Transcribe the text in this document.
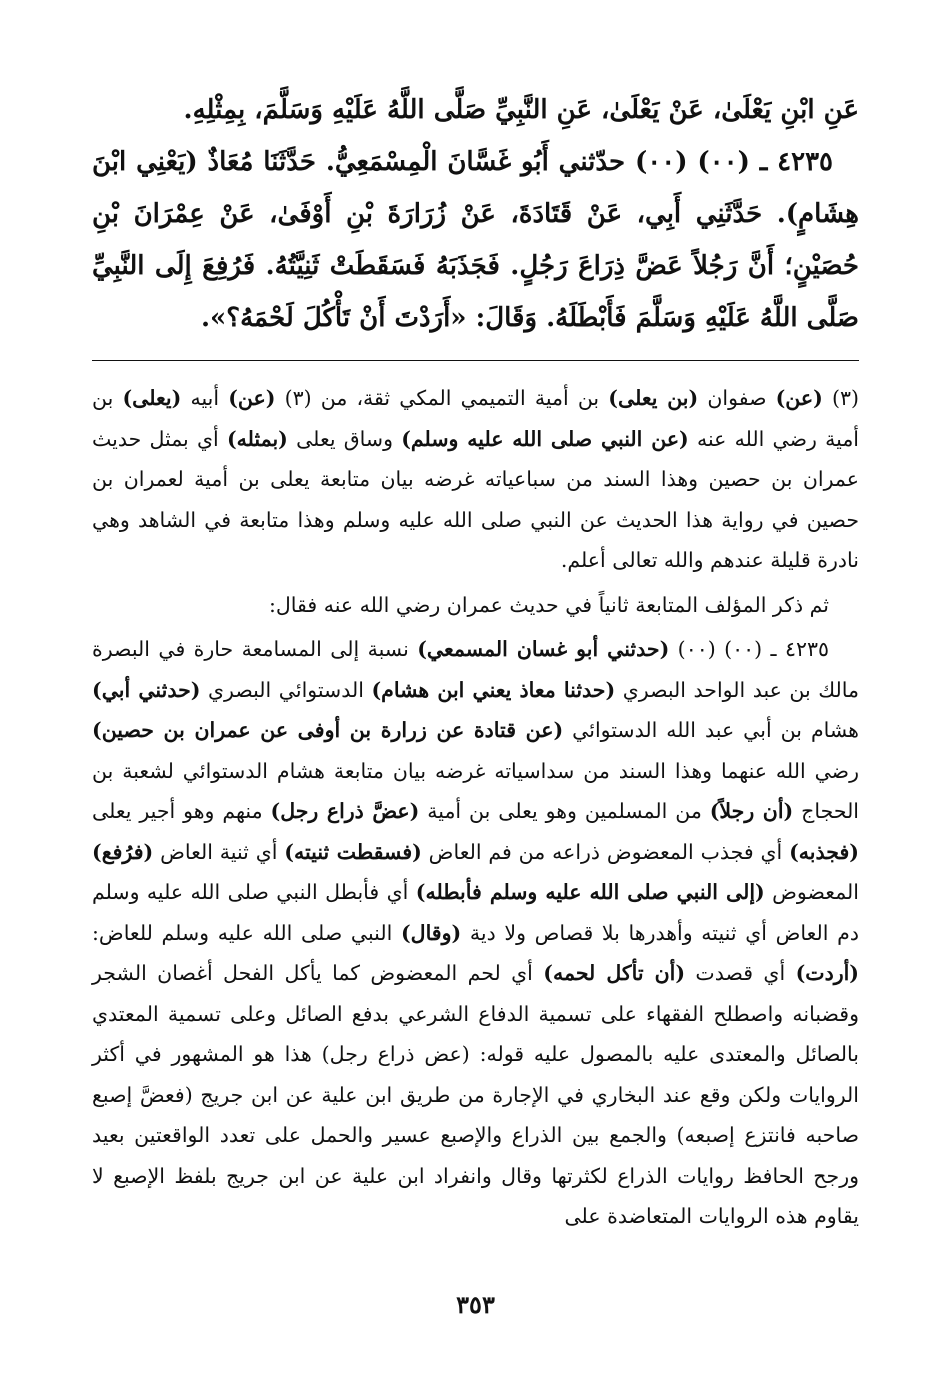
عَنِ ابْنِ يَعْلَىٰ، عَنْ يَعْلَىٰ، عَنِ النَّبِيِّ صَلَّى اللَّهُ عَلَيْهِ وَسَلَّمَ، بِمِثْلِهِ.

٤٢٣٥ ـ (٠٠) (٠٠) حدّثني أَبُو غَسَّانَ الْمِسْمَعِيُّ. حَدَّثَنَا مُعَاذٌ (يَعْنِي ابْنَ هِشَامٍ). حَدَّثَنِي أَبِي، عَنْ قَتَادَةَ، عَنْ زُرَارَةَ بْنِ أَوْفَىٰ، عَنْ عِمْرَانَ بْنِ حُصَيْنٍ؛ أَنَّ رَجُلاً عَضَّ ذِرَاعَ رَجُلٍ. فَجَذَبَهُ فَسَقَطَتْ ثَنِيَّتُهُ. فَرُفِعَ إِلَى النَّبِيِّ صَلَّى اللَّهُ عَلَيْهِ وَسَلَّمَ فَأَبْطَلَهُ. وَقَالَ: «أَرَدْتَ أَنْ تَأْكُلَ لَحْمَهُ؟».

(٣) (عن) صفوان (بن يعلى) بن أمية التميمي المكي ثقة، من (٣) (عن) أبيه (يعلى) بن أمية رضي الله عنه (عن النبي صلى الله عليه وسلم) وساق يعلى (بمثله) أي بمثل حديث عمران بن حصين وهذا السند من سباعياته غرضه بيان متابعة يعلى بن أمية لعمران بن حصين في رواية هذا الحديث عن النبي صلى الله عليه وسلم وهذا متابعة في الشاهد وهي نادرة قليلة عندهم والله تعالى أعلم.

ثم ذكر المؤلف المتابعة ثانياً في حديث عمران رضي الله عنه فقال:

٤٢٣٥ ـ (٠٠) (٠٠) (حدثني أبو غسان المسمعي) نسبة إلى المسامعة حارة في البصرة مالك بن عبد الواحد البصري (حدثنا معاذ يعني ابن هشام) الدستوائي البصري (حدثني أبي) هشام بن أبي عبد الله الدستوائي (عن قتادة عن زرارة بن أوفى عن عمران بن حصين) رضي الله عنهما وهذا السند من سداسياته غرضه بيان متابعة هشام الدستوائي لشعبة بن الحجاج (أن رجلاً) من المسلمين وهو يعلى بن أمية (عضَّ ذراع رجل) منهم وهو أجير يعلى (فجذبه) أي فجذب المعضوض ذراعه من فم العاض (فسقطت ثنيته) أي ثنية العاض (فرُفع) المعضوض (إلى النبي صلى الله عليه وسلم فأبطله) أي فأبطل النبي صلى الله عليه وسلم دم العاض أي ثنيته وأهدرها بلا قصاص ولا دية (وقال) النبي صلى الله عليه وسلم للعاض: (أردت) أي قصدت (أن تأكل لحمه) أي لحم المعضوض كما يأكل الفحل أغصان الشجر وقضبانه واصطلح الفقهاء على تسمية الدفاع الشرعي بدفع الصائل وعلى تسمية المعتدي بالصائل والمعتدى عليه بالمصول عليه قوله: (عض ذراع رجل) هذا هو المشهور في أكثر الروايات ولكن وقع عند البخاري في الإجارة من طريق ابن علية عن ابن جريج (فعضَّ إصبع صاحبه فانتزع إصبعه) والجمع بين الذراع والإصبع عسير والحمل على تعدد الواقعتين بعيد ورجح الحافظ روايات الذراع لكثرتها وقال وانفراد ابن علية عن ابن جريج بلفظ الإصبع لا يقاوم هذه الروايات المتعاضدة على

٣٥٣
